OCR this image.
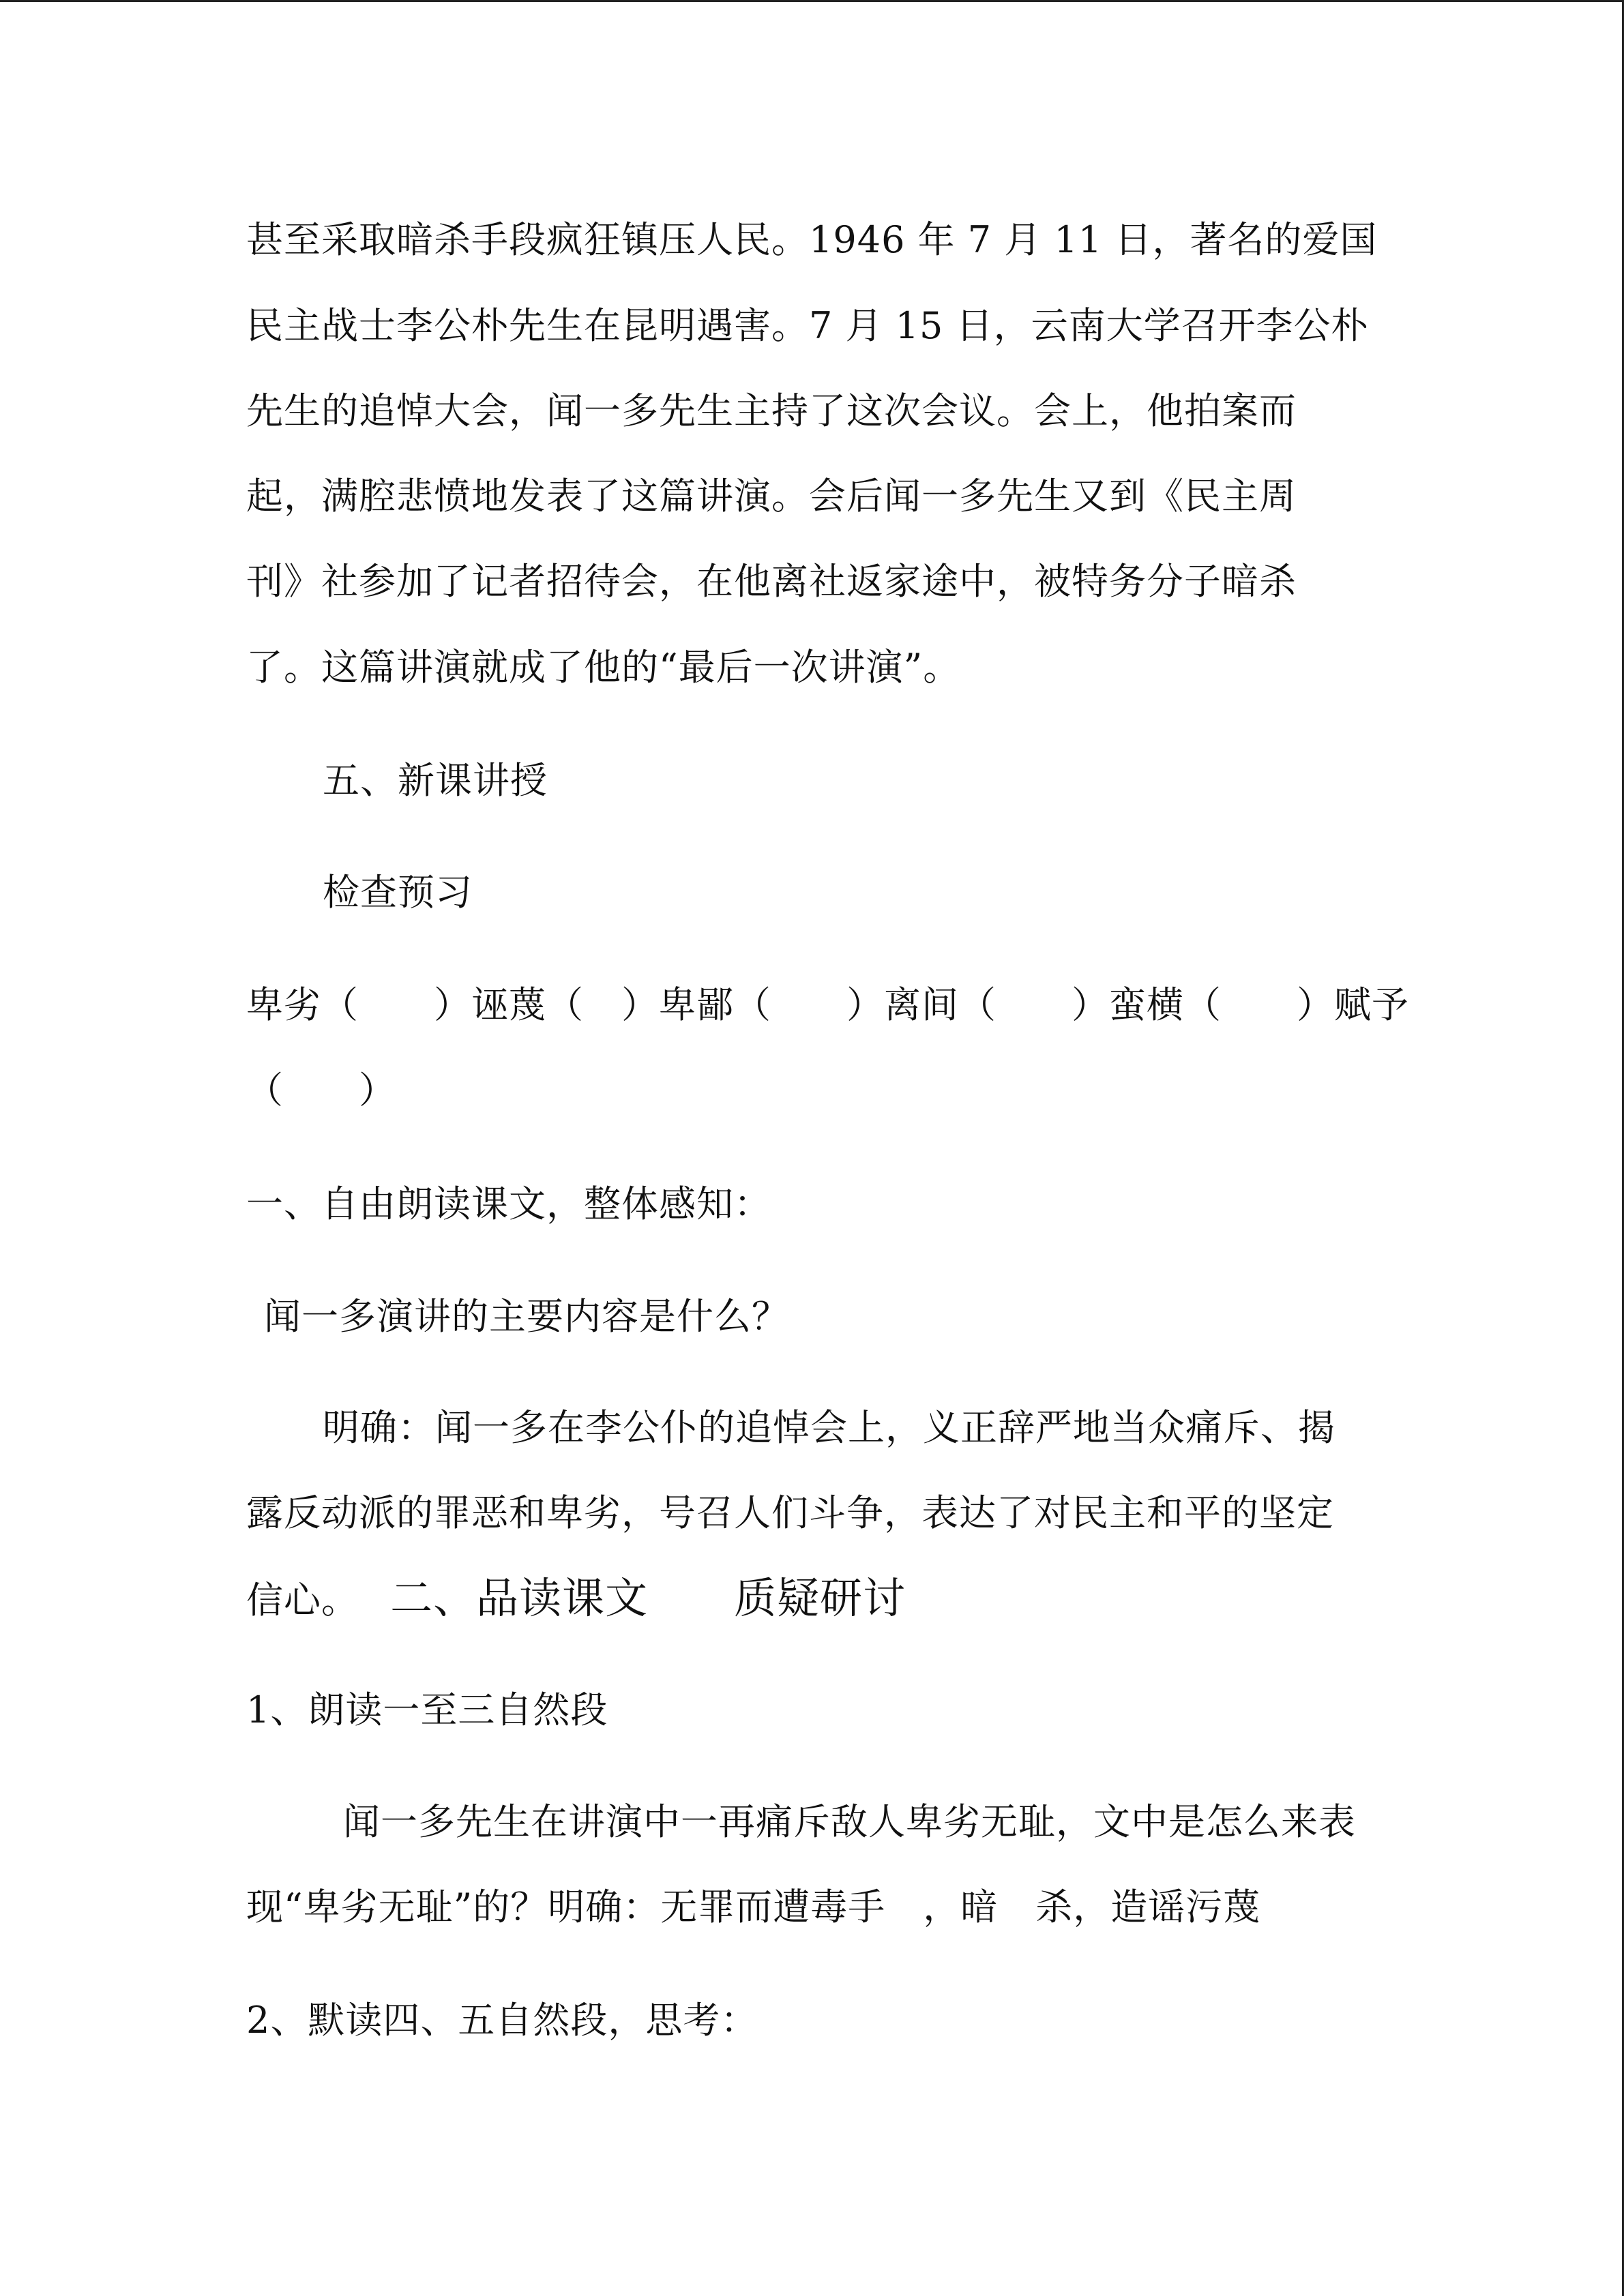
甚至采取暗杀手段疯狂镇压人民。1946 年 7 月 11 日，著名的爱国
民主战士李公朴先生在昆明遇害。7 月 15 日，云南大学召开李公朴
先生的追悼大会，闻一多先生主持了这次会议。会上，他拍案而
起，满腔悲愤地发表了这篇讲演。会后闻一多先生又到《民主周
刊》社参加了记者招待会，在他离社返家途中，被特务分子暗杀
了。这篇讲演就成了他的“最后一次讲演”。
五、新课讲授
检查预习
卑劣（　　）诬蔑（　）卑鄙（　　）离间（　　）蛮横（　　）赋予
（　　）
一、自由朗读课文，整体感知：
闻一多演讲的主要内容是什么？
明确：闻一多在李公仆的追悼会上，义正辞严地当众痛斥、揭
露反动派的罪恶和卑劣，号召人们斗争，表达了对民主和平的坚定
信心。 二、品读课文　　质疑研讨
1、朗读一至三自然段
闻一多先生在讲演中一再痛斥敌人卑劣无耻，文中是怎么来表
现“卑劣无耻”的？明确：无罪而遭毒手　，暗　杀，造谣污蔑
2、默读四、五自然段，思考：
